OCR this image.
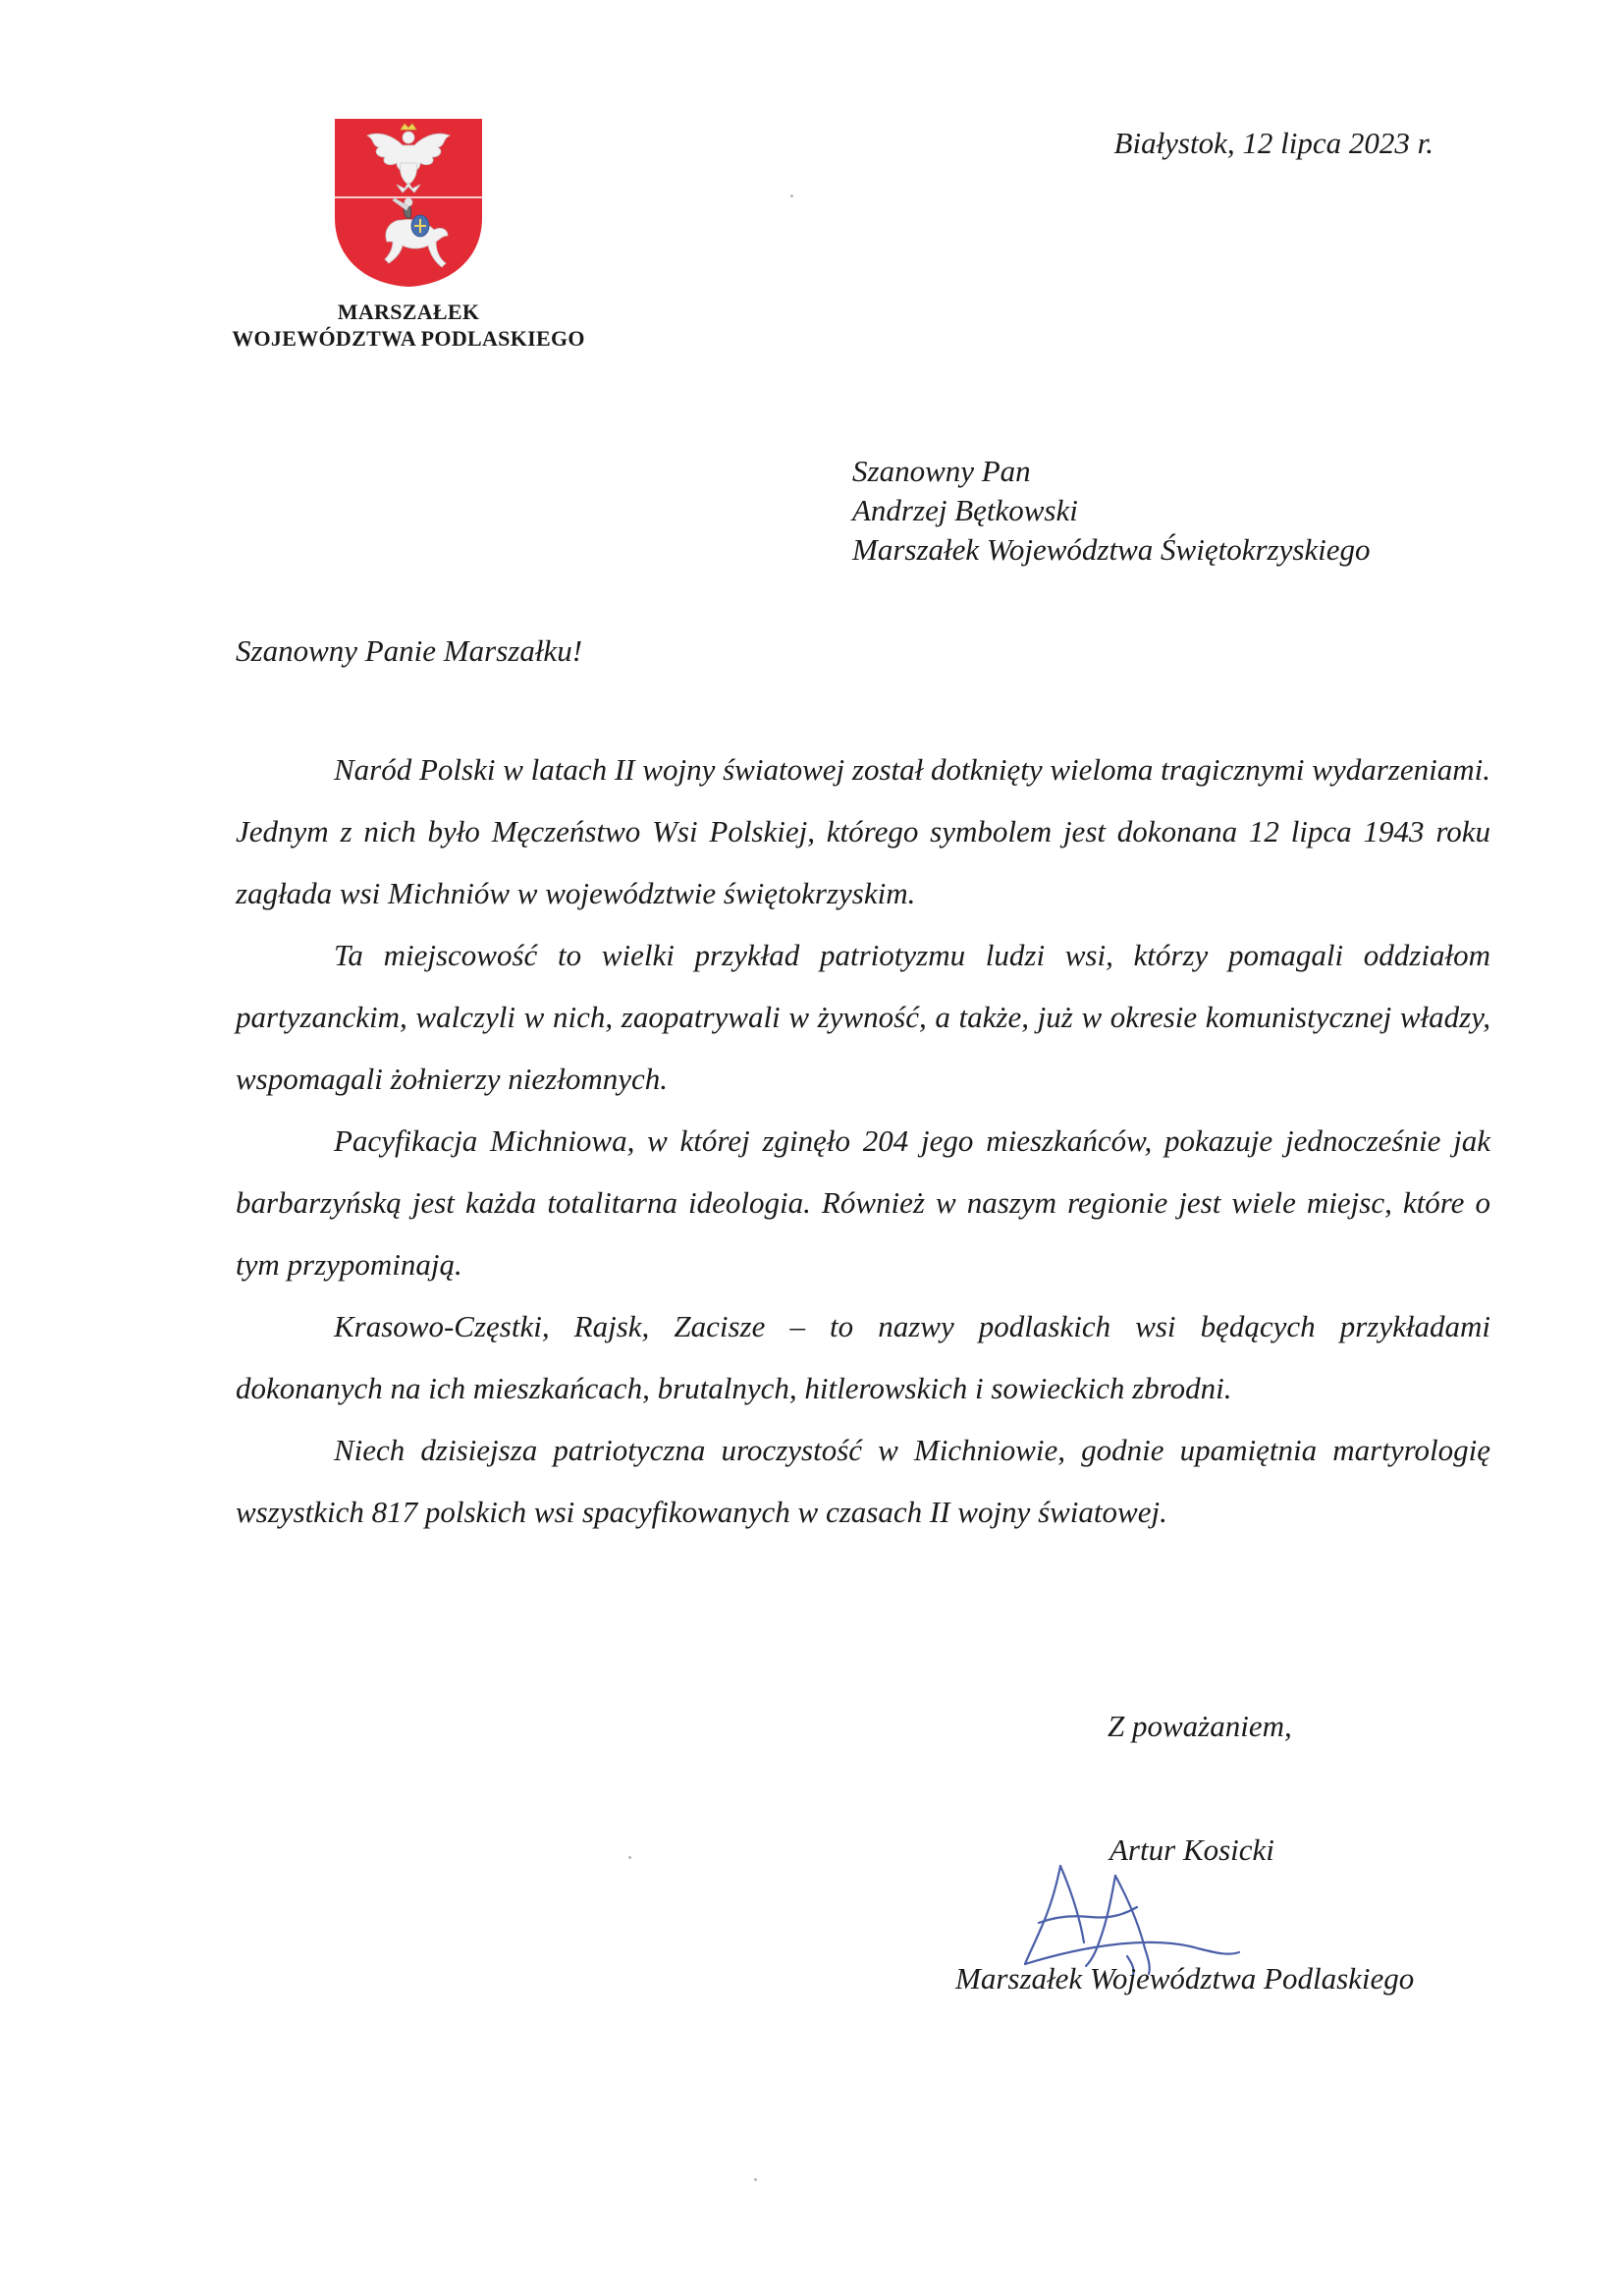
MARSZAŁEK
WOJEWÓDZTWA PODLASKIEGO
Białystok, 12 lipca 2023 r.
Szanowny Pan
Andrzej Bętkowski
Marszałek Województwa Świętokrzyskiego
Szanowny Panie Marszałku!

Naród Polski w latach II wojny światowej został dotknięty wieloma tragicznymi wydarzeniami. Jednym z nich było Męczeństwo Wsi Polskiej, którego symbolem jest dokonana 12 lipca 1943 roku zagłada wsi Michniów w województwie świętokrzyskim.

Ta miejscowość to wielki przykład patriotyzmu ludzi wsi, którzy pomagali oddziałom partyzanckim, walczyli w nich, zaopatrywali w żywność, a także, już w okresie komunistycznej władzy, wspomagali żołnierzy niezłomnych.

Pacyfikacja Michniowa, w której zginęło 204 jego mieszkańców, pokazuje jednocześnie jak barbarzyńską jest każda totalitarna ideologia. Również w naszym regionie jest wiele miejsc, które o tym przypominają.

Krasowo-Częstki, Rajsk, Zacisze – to nazwy podlaskich wsi będących przykładami dokonanych na ich mieszkańcach, brutalnych, hitlerowskich i sowieckich zbrodni.

Niech dzisiejsza patriotyczna uroczystość w Michniowie, godnie upamiętnia martyrologię wszystkich 817 polskich wsi spacyfikowanych w czasach II wojny światowej.

Z poważaniem,
Artur Kosicki
Marszałek Województwa Podlaskiego
